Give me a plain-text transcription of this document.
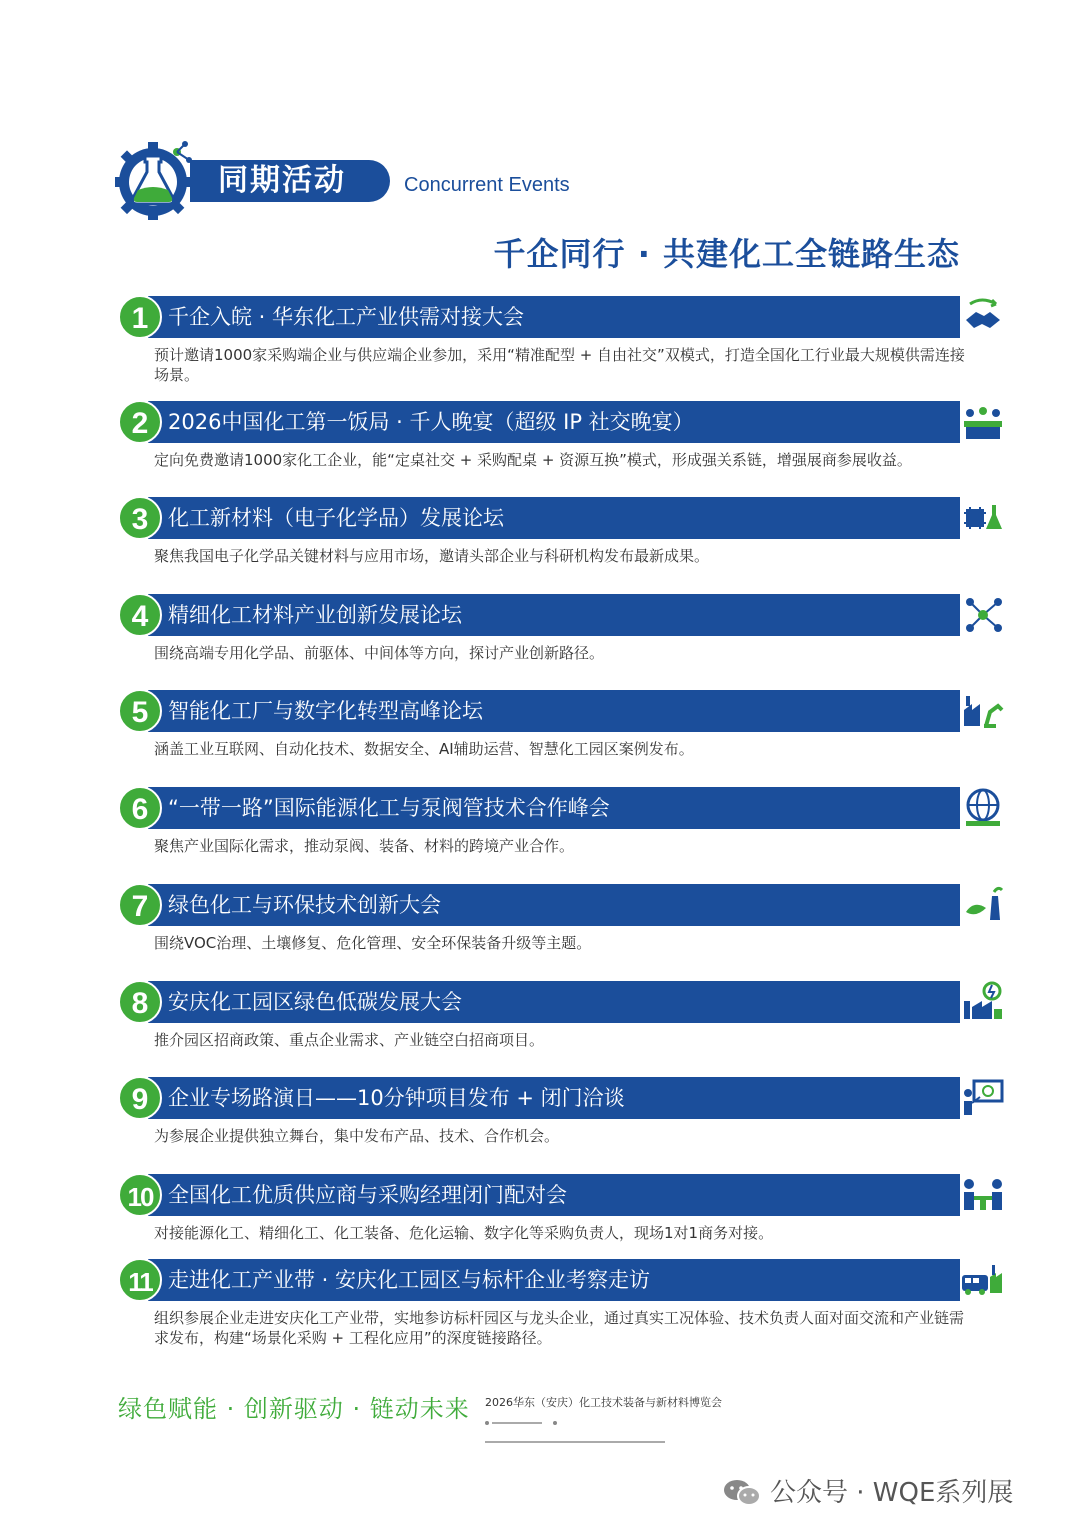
同期活动	Concurrent Events
千企同行 · 共建化工全链路生态
1 千企入皖 · 华东化工产业供需对接大会
预计邀请1000家采购端企业与供应端企业参加，采用“精准配型 + 自由社交”双模式，打造全国化工行业最大规模供需连接场景。
2 2026中国化工第一饭局 · 千人晚宴（超级 IP 社交晚宴）
定向免费邀请1000家化工企业，能“定桌社交 + 采购配桌 + 资源互换”模式，形成强关系链，增强展商参展收益。
3 化工新材料（电子化学品）发展论坛
聚焦我国电子化学品关键材料与应用市场，邀请头部企业与科研机构发布最新成果。
4 精细化工材料产业创新发展论坛
围绕高端专用化学品、前驱体、中间体等方向，探讨产业创新路径。
5 智能化工厂与数字化转型高峰论坛
涵盖工业互联网、自动化技术、数据安全、AI辅助运营、智慧化工园区案例发布。
6 “一带一路”国际能源化工与泵阀管技术合作峰会
聚焦产业国际化需求，推动泵阀、装备、材料的跨境产业合作。
7 绿色化工与环保技术创新大会
围绕VOC治理、土壤修复、危化管理、安全环保装备升级等主题。
8 安庆化工园区绿色低碳发展大会
推介园区招商政策、重点企业需求、产业链空白招商项目。
9 企业专场路演日——10分钟项目发布 + 闭门洽谈
为参展企业提供独立舞台，集中发布产品、技术、合作机会。
10 全国化工优质供应商与采购经理闭门配对会
对接能源化工、精细化工、化工装备、危化运输、数字化等采购负责人，现场1对1商务对接。
11 走进化工产业带 · 安庆化工园区与标杆企业考察走访
组织参展企业走进安庆化工产业带，实地参访标杆园区与龙头企业，通过真实工况体验、技术负责人面对面交流和产业链需求发布，构建“场景化采购 + 工程化应用”的深度链接路径。
绿色赋能 · 创新驱动 · 链动未来 2026华东（安庆）化工技术装备与新材料博览会

公众号 · WQE系列展
